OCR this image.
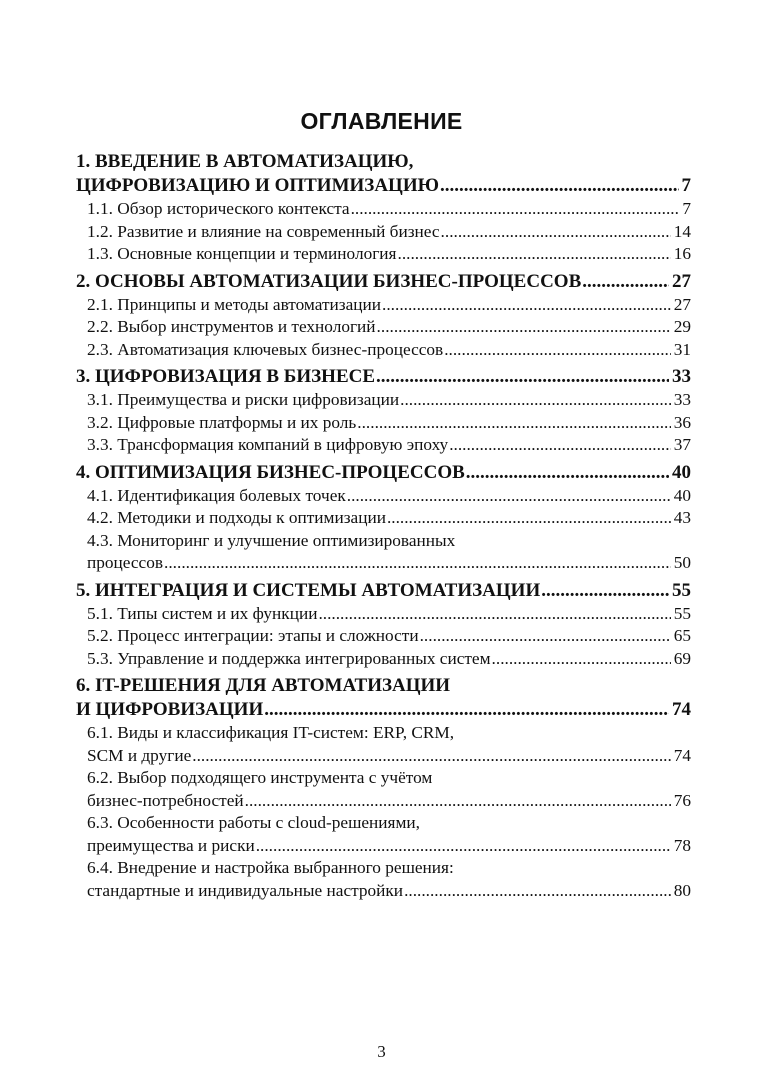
ОГЛАВЛЕНИЕ
1. ВВЕДЕНИЕ В АВТОМАТИЗАЦИЮ,
ЦИФРОВИЗАЦИЮ И ОПТИМИЗАЦИЮ .....	7
1.1. Обзор исторического контекста .....	7
1.2. Развитие и влияние на современный бизнес .....	14
1.3. Основные концепции и терминология .....	16
2. ОСНОВЫ АВТОМАТИЗАЦИИ БИЗНЕС-ПРОЦЕССОВ .....	27
2.1. Принципы и методы автоматизации .....	27
2.2. Выбор инструментов и технологий .....	29
2.3. Автоматизация ключевых бизнес-процессов .....	31
3. ЦИФРОВИЗАЦИЯ В БИЗНЕСЕ .....	33
3.1. Преимущества и риски цифровизации .....	33
3.2. Цифровые платформы и их роль .....	36
3.3. Трансформация компаний в цифровую эпоху .....	37
4. ОПТИМИЗАЦИЯ БИЗНЕС-ПРОЦЕССОВ .....	40
4.1. Идентификация болевых точек .....	40
4.2. Методики и подходы к оптимизации .....	43
4.3. Мониторинг и улучшение оптимизированных
процессов .....	50
5. ИНТЕГРАЦИЯ И СИСТЕМЫ АВТОМАТИЗАЦИИ .....	55
5.1. Типы систем и их функции .....	55
5.2. Процесс интеграции: этапы и сложности .....	65
5.3. Управление и поддержка интегрированных систем .....	69
6. IT-РЕШЕНИЯ ДЛЯ АВТОМАТИЗАЦИИ
И ЦИФРОВИЗАЦИИ .....	74
6.1. Виды и классификация IT-систем: ERP, CRM,
SCM и другие .....	74
6.2. Выбор подходящего инструмента с учётом
бизнес-потребностей .....	76
6.3. Особенности работы с cloud-решениями,
преимущества и риски .....	78
6.4. Внедрение и настройка выбранного решения:
стандартные и индивидуальные настройки .....	80
3
